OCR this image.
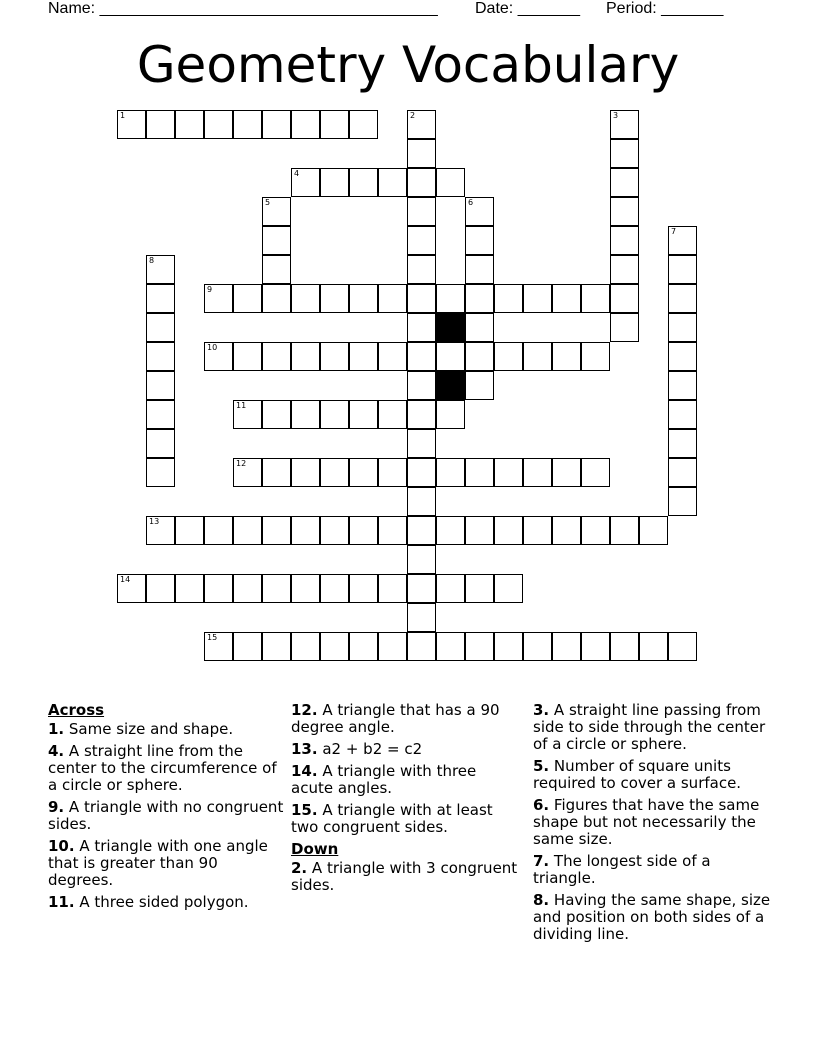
Name: ______________________________________ Date: _______ Period: _______
Geometry Vocabulary
1	2	3
4
5	6
7
8
9
10
11
12
13
14
15
Across
1. Same size and shape.
4. A straight line from the center to the circumference of a circle or sphere.
9. A triangle with no congruent sides.
10. A triangle with one angle that is greater than 90 degrees.
11. A three sided polygon.
12. A triangle that has a 90 degree angle.
13. a2 + b2 = c2
14. A triangle with three acute angles.
15. A triangle with at least two congruent sides.
Down
2. A triangle with 3 congruent sides.
3. A straight line passing from side to side through the center of a circle or sphere.
5. Number of square units required to cover a surface.
6. Figures that have the same shape but not necessarily the same size.
7. The longest side of a triangle.
8. Having the same shape, size and position on both sides of a dividing line.
